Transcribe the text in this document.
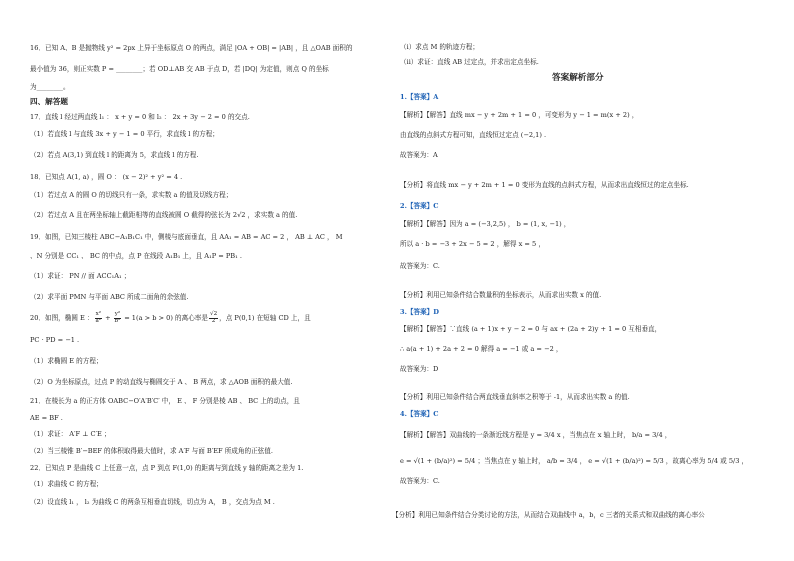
16．已知 A、B 是抛物线 y² = 2px 上异于坐标原点 O 的两点，满足 |OA + OB| = |AB| ，且 △OAB 面积的
最小值为 36，则正实数 P = ________；若 OD⊥AB 交 AB 于点 D，若 |DQ| 为定值，则点 Q 的坐标
为________。
四、解答题
17．直线 l 经过两直线 l₁ ： x + y = 0 和 l₂ ： 2x + 3y − 2 = 0 的交点.
（1）若直线 l 与直线 3x + y − 1 = 0 平行，求直线 l 的方程；
（2）若点 A(3,1) 到直线 l 的距离为 5，求直线 l 的方程.
18．已知点 A(1, a) ，圆 O ： (x − 2)² + y² = 4 .
（1）若过点 A 的圆 O 的切线只有一条，求实数 a 的值及切线方程；
（2）若过点 A 且在两坐标轴上截距相等的直线被圆 O 截得的弦长为 2√2 ，求实数 a 的值.
19．如图，已知三棱柱 ABC−A₁B₁C₁ 中，侧棱与底面垂直，且 AA₁ = AB = AC = 2 ， AB ⊥ AC ， M
、N 分别是 CC₁ 、 BC 的中点，点 P 在线段 A₁B₁ 上，且 A₁P = PB₁ .
（1）求证： PN // 面 ACC₁A₁ ；
（2）求平面 PMN 与平面 ABC 所成二面角的余弦值.
20．如图，椭圆 E ： $\frac{\text{x²}}{\text{a²}} + \frac{\text{y²}}{\text{b²}} = 1(a > b > 0)$ 的离心率是 $\frac{√2}{2}$ ，点 P(0,1) 在短轴 CD 上，且
PC · PD = −1 .
（1）求椭圆 E 的方程；
（2）O 为坐标原点，过点 P 的动直线与椭圆交于 A 、 B 两点，求 △AOB 面积的最大值.
21．在棱长为 a 的正方体 OABC−O′A′B′C′ 中， E 、 F 分别是棱 AB 、 BC 上的动点，且
AE = BF .
（1）求证： A′F ⊥ C′E ；
（2）当三棱锥 B′−BEF 的体积取得最大值时，求 A′F 与面 B′EF 所成角的正弦值.
22．已知点 P 是曲线 C 上任意一点，点 P 到点 F(1,0) 的距离与到直线 y 轴的距离之差为 1.
（1）求曲线 C 的方程；
（2）设直线 l₁ ， l₂ 为曲线 C 的两条互相垂直切线，切点为 A， B ，交点为点 M .
（i）求点 M 的轨迹方程；
（ii）求证：直线 AB 过定点，并求出定点坐标.
答案解析部分
1.【答案】A
【解析】【解答】直线 mx − y + 2m + 1 = 0 ，可变形为 y − 1 = m(x + 2) ，
由直线的点斜式方程可知，直线恒过定点 (−2,1) .
故答案为：A
【分析】将直线 mx − y + 2m + 1 = 0 变形为直线的点斜式方程，从而求出直线恒过的定点坐标.
2.【答案】C
【解析】【解答】因为 a = (−3,2,5) ， b = (1, x, −1) ，
所以 a · b = −3 + 2x − 5 = 2 ，解得 x = 5 ，
故答案为：C.
【分析】利用已知条件结合数量积的坐标表示，从而求出实数 x 的值.
3.【答案】D
【解析】【解答】∵直线 (a + 1)x + y − 2 = 0 与 ax + (2a + 2)y + 1 = 0 互相垂直，
∴ a(a + 1) + 2a + 2 = 0 解得 a = −1 或 a = −2 ，
故答案为：D
【分析】利用已知条件结合两直线垂直斜率之积等于 -1，从而求出实数 a 的值.
4.【答案】C
【解析】【解答】双曲线的一条渐近线方程是 y = 3/4 x ，当焦点在 x 轴上时， b/a = 3/4 ，
e = √(1 + (b/a)²) = 5/4 ；当焦点在 y 轴上时， a/b = 3/4 ， e = √(1 + (b/a)²) = 5/3 ，故离心率为 5/4 或 5/3 ，
故答案为：C.
【分析】利用已知条件结合分类讨论的方法，从而结合双曲线中 a，b，c 三者的关系式和双曲线的离心率公
